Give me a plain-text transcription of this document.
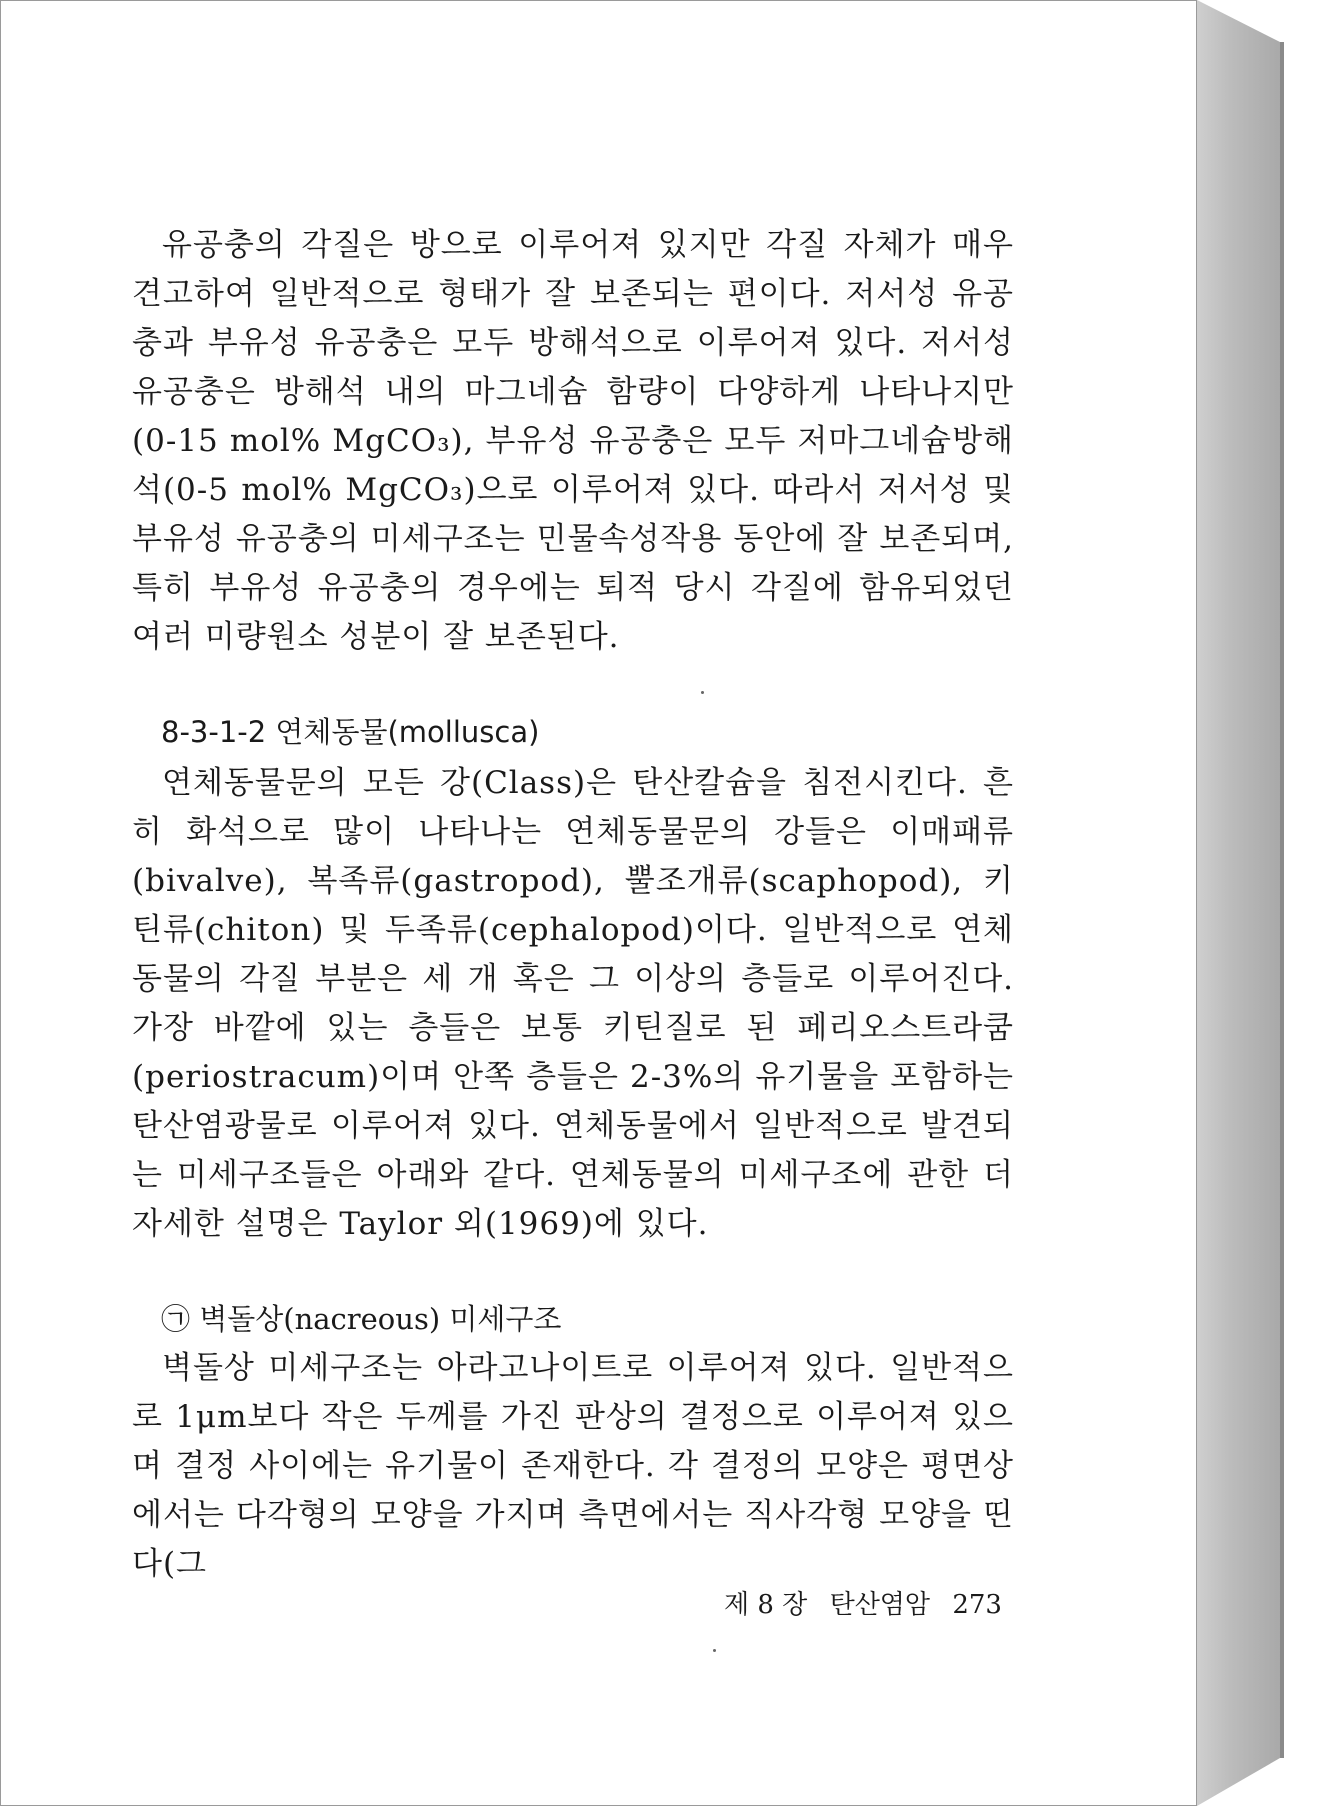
유공충의 각질은 방으로 이루어져 있지만 각질 자체가 매우 견고하여 일반적으로 형태가 잘 보존되는 편이다. 저서성 유공충과 부유성 유공충은 모두 방해석으로 이루어져 있다. 저서성 유공충은 방해석 내의 마그네슘 함량이 다양하게 나타나지만(0-15 mol% MgCO₃), 부유성 유공충은 모두 저마그네슘방해석(0-5 mol% MgCO₃)으로 이루어져 있다. 따라서 저서성 및 부유성 유공충의 미세구조는 민물속성작용 동안에 잘 보존되며, 특히 부유성 유공충의 경우에는 퇴적 당시 각질에 함유되었던 여러 미량원소 성분이 잘 보존된다.
8-3-1-2 연체동물(mollusca)
연체동물문의 모든 강(Class)은 탄산칼슘을 침전시킨다. 흔히 화석으로 많이 나타나는 연체동물문의 강들은 이매패류(bivalve), 복족류(gastropod), 뿔조개류(scaphopod), 키틴류(chiton) 및 두족류(cephalopod)이다. 일반적으로 연체동물의 각질 부분은 세 개 혹은 그 이상의 층들로 이루어진다. 가장 바깥에 있는 층들은 보통 키틴질로 된 페리오스트라쿰(periostracum)이며 안쪽 층들은 2-3%의 유기물을 포함하는 탄산염광물로 이루어져 있다. 연체동물에서 일반적으로 발견되는 미세구조들은 아래와 같다. 연체동물의 미세구조에 관한 더 자세한 설명은 Taylor 외(1969)에 있다.
㉠ 벽돌상(nacreous) 미세구조
벽돌상 미세구조는 아라고나이트로 이루어져 있다. 일반적으로 1μm보다 작은 두께를 가진 판상의 결정으로 이루어져 있으며 결정 사이에는 유기물이 존재한다. 각 결정의 모양은 평면상에서는 다각형의 모양을 가지며 측면에서는 직사각형 모양을 띤다(그
제 8 장 탄산염암 273
